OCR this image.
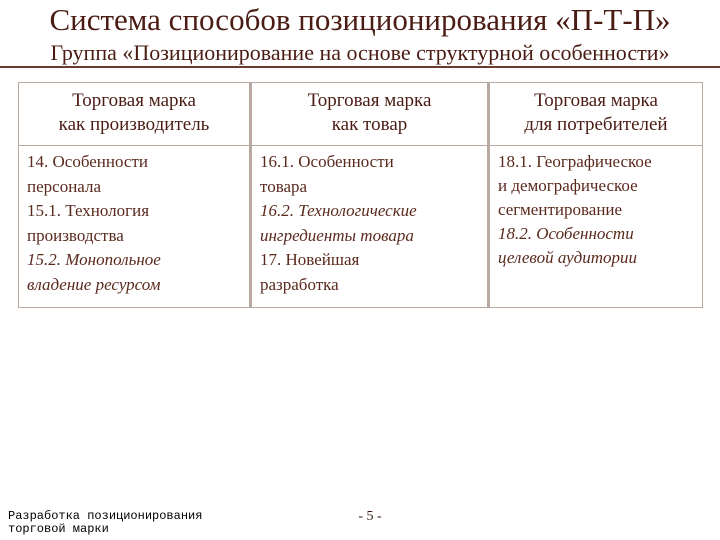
Система способов позиционирования «П-Т-П»
Группа «Позиционирование на основе структурной особенности»
Торговая марка
как производитель
14. Особенности
персонала
15.1. Технология
производства
15.2. Монопольное
владение ресурсом
Торговая марка
как товар
16.1. Особенности
товара
16.2. Технологические
ингредиенты товара
17. Новейшая
разработка
Торговая марка
для потребителей
18.1. Географическое
и демографическое
сегментирование
18.2. Особенности
целевой аудитории
Разработка позиционирования
торговой марки
- 5 -
